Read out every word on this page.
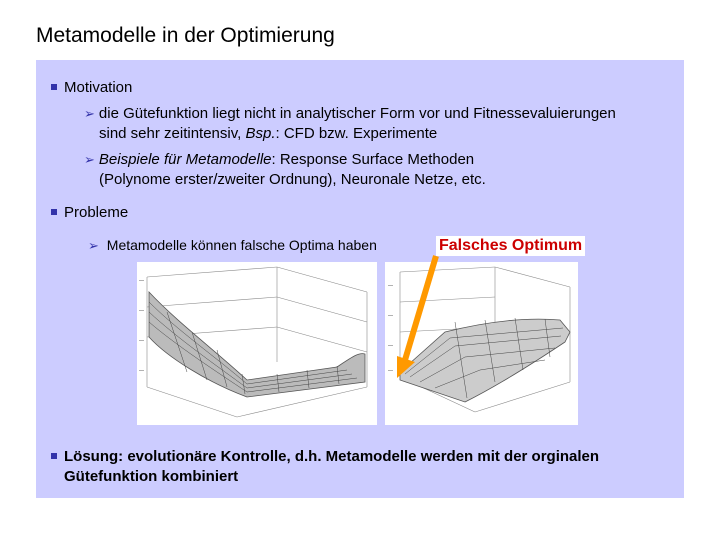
Metamodelle in der Optimierung
Motivation
➢ die Gütefunktion liegt nicht in analytischer Form vor und Fitnessevaluierungen
sind sehr zeitintensiv, Bsp.: CFD bzw. Experimente
➢ Beispiele für Metamodelle: Response Surface Methoden
(Polynome erster/zweiter Ordnung), Neuronale Netze, etc.
Probleme
➢ Metamodelle können falsche Optima haben
Lösung: evolutionäre Kontrolle, d.h. Metamodelle werden mit der orginalen
Gütefunktion kombiniert
—
—
—
—
—
—
—
—
Falsches Optimum
